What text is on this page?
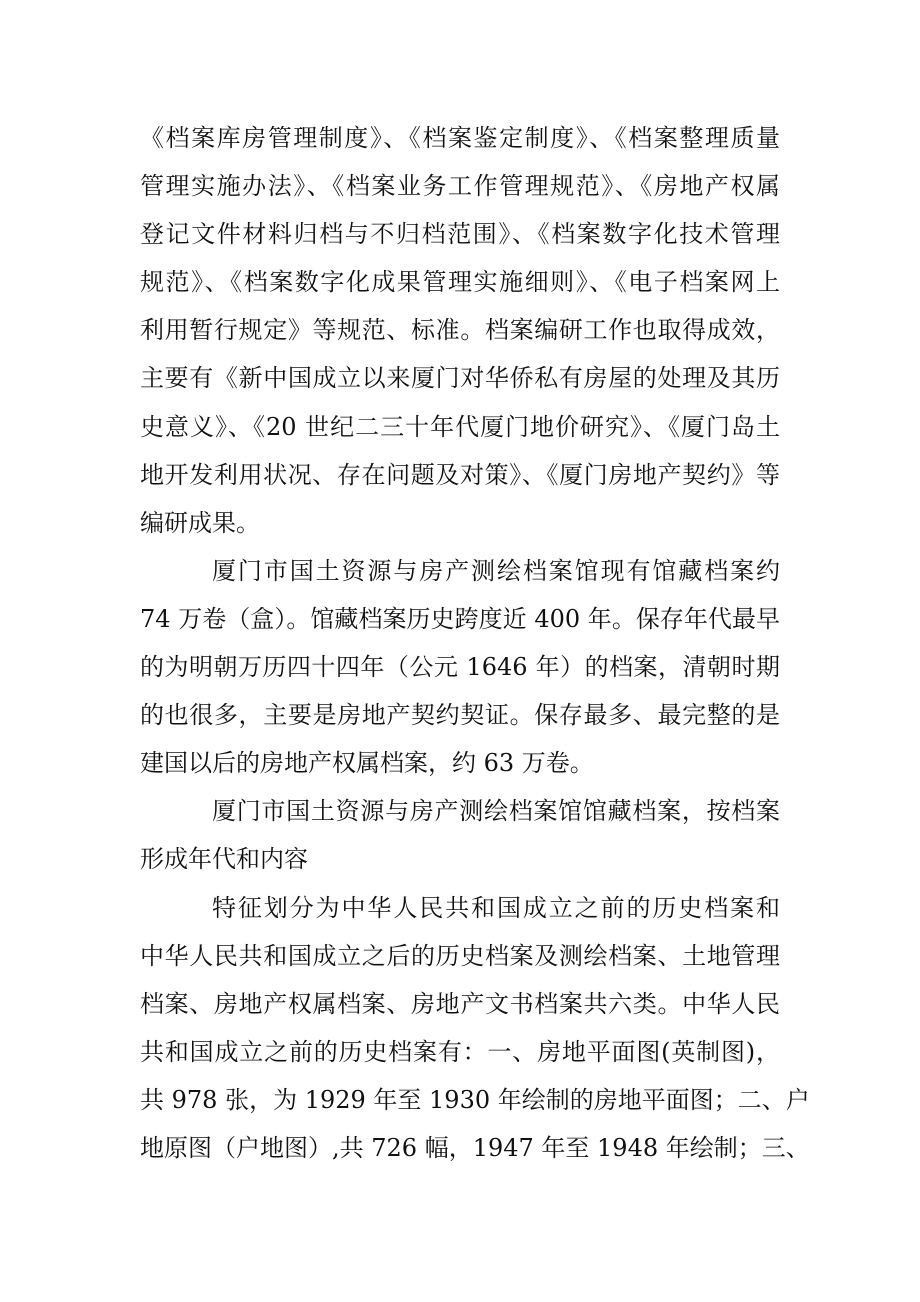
《档案库房管理制度》、《档案鉴定制度》、《档案整理质量
管理实施办法》、《档案业务工作管理规范》、《房地产权属
登记文件材料归档与不归档范围》、《档案数字化技术管理
规范》、《档案数字化成果管理实施细则》、《电子档案网上
利用暂行规定》等规范、标准。档案编研工作也取得成效，
主要有《新中国成立以来厦门对华侨私有房屋的处理及其历
史意义》、《20 世纪二三十年代厦门地价研究》、《厦门岛土
地开发利用状况、存在问题及对策》、《厦门房地产契约》等
编研成果。
厦门市国土资源与房产测绘档案馆现有馆藏档案约
74 万卷（盒）。馆藏档案历史跨度近 400 年。保存年代最早
的为明朝万历四十四年（公元 1646 年）的档案，清朝时期
的也很多，主要是房地产契约契证。保存最多、最完整的是
建国以后的房地产权属档案，约 63 万卷。
厦门市国土资源与房产测绘档案馆馆藏档案，按档案
形成年代和内容
特征划分为中华人民共和国成立之前的历史档案和
中华人民共和国成立之后的历史档案及测绘档案、土地管理
档案、房地产权属档案、房地产文书档案共六类。中华人民
共和国成立之前的历史档案有：一、房地平面图(英制图)，
共 978 张，为 1929 年至 1930 年绘制的房地平面图；二、户
地原图（户地图）,共 726 幅，1947 年至 1948 年绘制；三、
